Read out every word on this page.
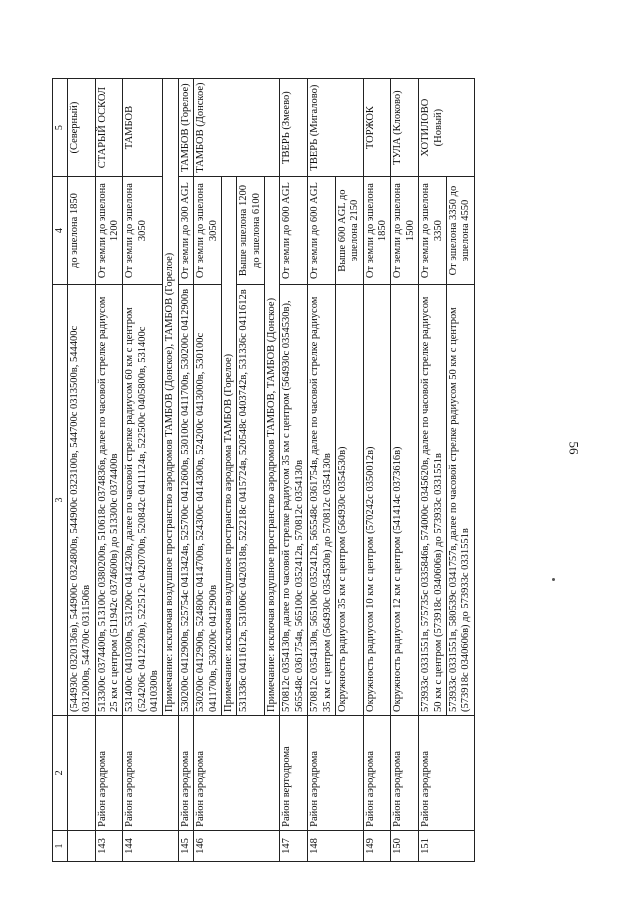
56
1	2	3	4	5
		(544930с 0320136в), 544900с 0324800в, 544900с 0323100в, 544700с 0313500в, 544400с 0312000в, 544700с 0311506в	до эшелона 1850	(Северный)
143	Район аэродрома	513300с 0374400в, 513100с 0380200в, 510618с 0374836в, далее по часовой стрелке радиусом 25 км с центром (511942с 0374600в) до 513300с 0374400в	От земли до эшелона 1200	СТАРЫЙ ОСКОЛ
144	Район аэродрома	531400с 0410300в, 531200с 0414230в, далее по часовой стрелке радиусом 60 км с центром (524206с 0412230в), 522512с 0420700в, 520842с 0411124в, 522500с 0405800в, 531400с 0410300в	От земли до эшелона 3050	ТАМБОВ
		Примечание: исключая воздушное пространство аэродромов ТАМБОВ (Донское), ТАМБОВ (Горелое)		
145	Район аэродрома	530200с 0412900в, 525754с 0413424в, 525700с 0412600в, 530100с 0411700в, 530200с 0412900в	От земли до 300 AGL	ТАМБОВ (Горелое)
146	Район аэродрома	530200с 0412900в, 524800с 0414700в, 524300с 0414300в, 524200с 0413000в, 530100с 0411700в, 530200с 0412900в	От земли до эшелона 3050	ТАМБОВ (Донское)
		Примечание: исключая воздушное пространство аэродрома ТАМБОВ (Горелое)		
		531336с 0411612в, 531006с 0420318в, 522218с 0415724в, 520548с 0403742в, 531336с 0411612в	Выше эшелона 1200 до эшелона 6100	
		Примечание: исключая воздушное пространство аэродромов ТАМБОВ, ТАМБОВ (Донское)		
147	Район вертодрома	570812с 0354130в, далее по часовой стрелке радиусом 35 км с центром (564930с 0354530в), 565548с 0361754в, 565100с 0352412в, 570812с 0354130в	От земли до 600 AGL	ТВЕРЬ (Змеево)
148	Район аэродрома	570812с 0354130в, 565100с 0352412в, 565548с 0361754в, далее по часовой стрелке радиусом 35 км с центром (564930с 0354530в) до 570812с 0354130в	От земли до 600 AGL	ТВЕРЬ (Мигалово)
		Окружность радиусом 35 км с центром (564930с 0354530в)	Выше 600 AGL до эшелона 2150	
149	Район аэродрома	Окружность радиусом 10 км с центром (570242с 0350012в)	От земли до эшелона 1850	ТОРЖОК
150	Район аэродрома	Окружность радиусом 12 км с центром (541414с 0373616в)	От земли до эшелона 1500	ТУЛА (Клоково)
151	Район аэродрома	573933с 0331551в, 575735с 0335846в, 574000с 0345620в, далее по часовой стрелке радиусом 50 км с центром (573918с 0340606в) до 573933с 0331551в	От земли до эшелона 3350	ХОТИЛОВО (Новый)
		573933с 0331551в, 580539с 0341757в, далее по часовой стрелке радиусом 50 км с центром (573918с 0340606в) до 573933с 0331551в	От эшелона 3350 до эшелона 4550	
